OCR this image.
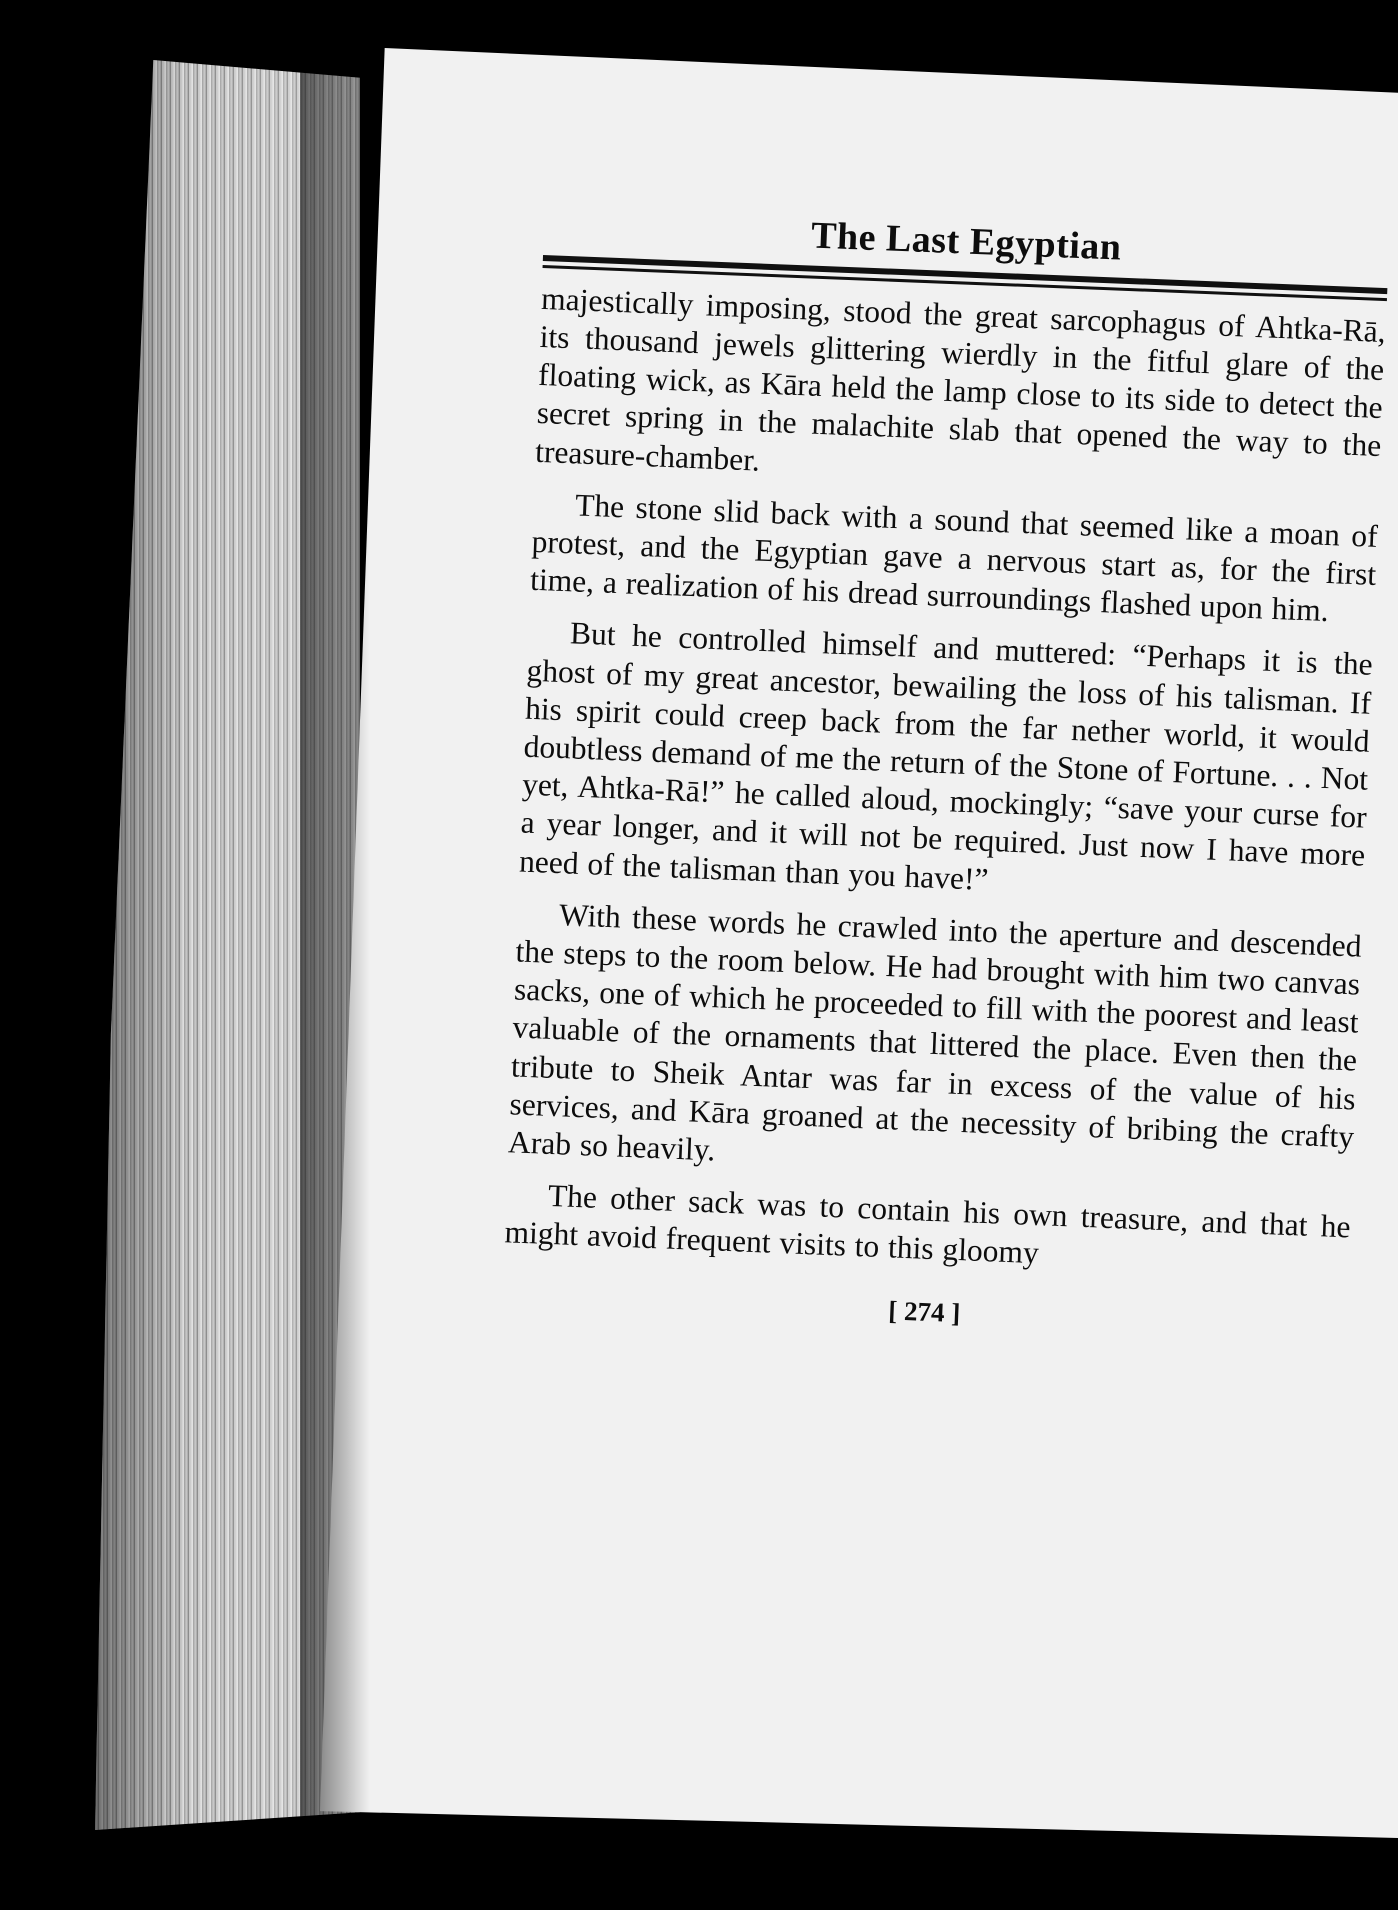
The Last Egyptian

majestically imposing, stood the great sarcophagus of Ahtka-Rā, its thousand jewels glittering wierdly in the fitful glare of the floating wick, as Kāra held the lamp close to its side to detect the secret spring in the malachite slab that opened the way to the treasure-chamber.

The stone slid back with a sound that seemed like a moan of protest, and the Egyptian gave a nervous start as, for the first time, a realization of his dread surroundings flashed upon him.

But he controlled himself and muttered: “Perhaps it is the ghost of my great ancestor, bewailing the loss of his talisman. If his spirit could creep back from the far nether world, it would doubtless demand of me the return of the Stone of Fortune. . . Not yet, Ahtka-Rā!” he called aloud, mockingly; “save your curse for a year longer, and it will not be required. Just now I have more need of the talisman than you have!”

With these words he crawled into the aperture and descended the steps to the room below. He had brought with him two canvas sacks, one of which he proceeded to fill with the poorest and least valuable of the ornaments that littered the place. Even then the tribute to Sheik Antar was far in excess of the value of his services, and Kāra groaned at the necessity of bribing the crafty Arab so heavily.

The other sack was to contain his own treasure, and that he might avoid frequent visits to this gloomy

[ 274 ]
